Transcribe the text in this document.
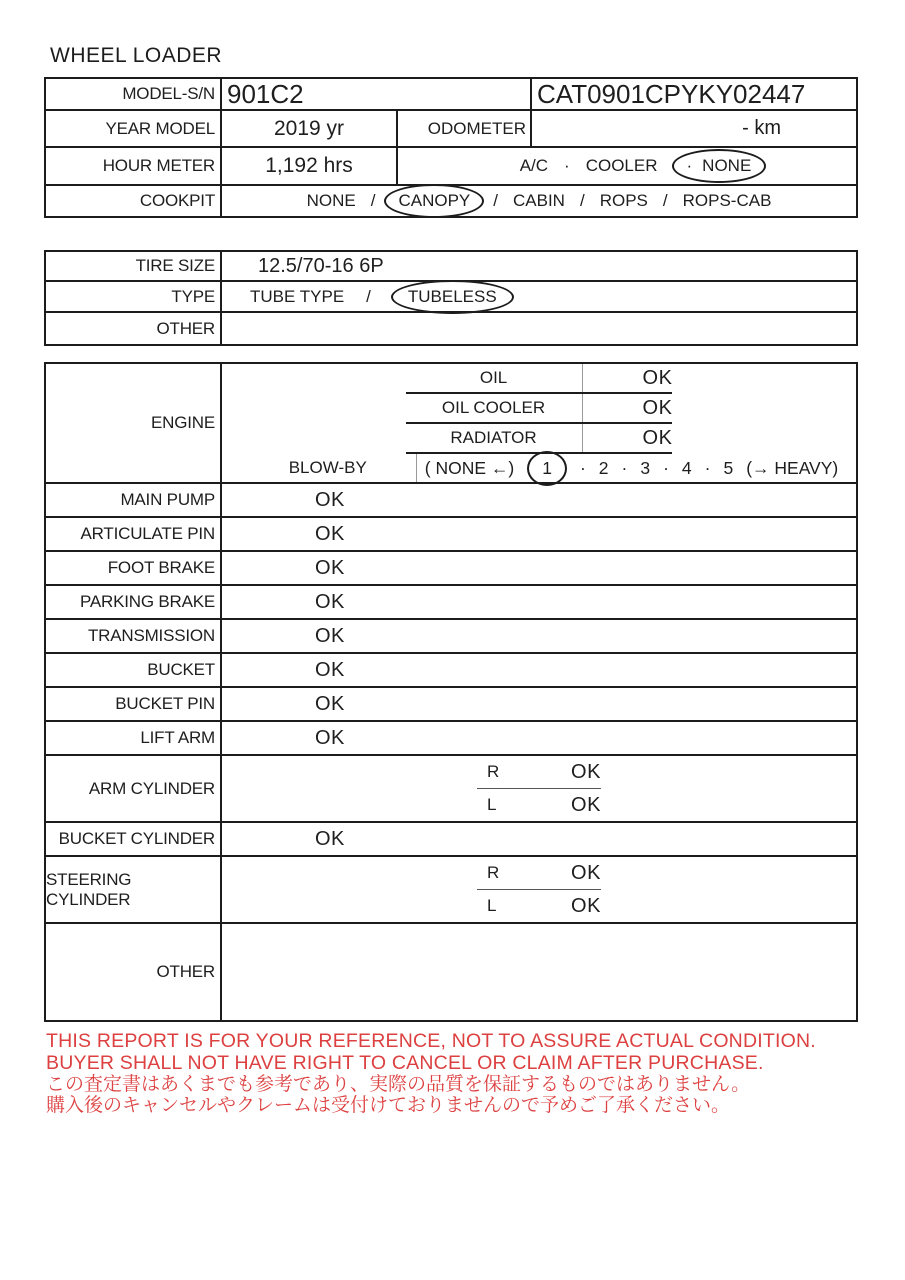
WHEEL LOADER
MODEL-S/N 901C2	CAT0901CPYKY02447
YEAR MODEL	2019 yr	ODOMETER	- km
HOUR METER	1,192 hrs	A/C · COOLER · NONE
COOKPIT	NONE / CANOPY / CABIN / ROPS / ROPS-CAB
TIRE SIZE	12.5/70-16 6P
TYPE	TUBE TYPE / TUBELESS
OTHER
ENGINE
OIL	OK
OIL COOLER	OK
RADIATOR	OK
BLOW-BY	( NONE ←) 1 · 2 · 3 · 4 · 5 (→ HEAVY)
MAIN PUMP	OK
ARTICULATE PIN	OK
FOOT BRAKE	OK
PARKING BRAKE	OK
TRANSMISSION	OK
BUCKET	OK
BUCKET PIN	OK
LIFT ARM	OK
ARM CYLINDER
R	OK
L	OK
BUCKET CYLINDER	OK
STEERING CYLINDER
R	OK
L	OK
OTHER
THIS REPORT IS FOR YOUR REFERENCE, NOT TO ASSURE ACTUAL CONDITION.
BUYER SHALL NOT HAVE RIGHT TO CANCEL OR CLAIM AFTER PURCHASE.
この査定書はあくまでも参考であり、実際の品質を保証するものではありません。
購入後のキャンセルやクレームは受付けておりませんので予めご了承ください。
